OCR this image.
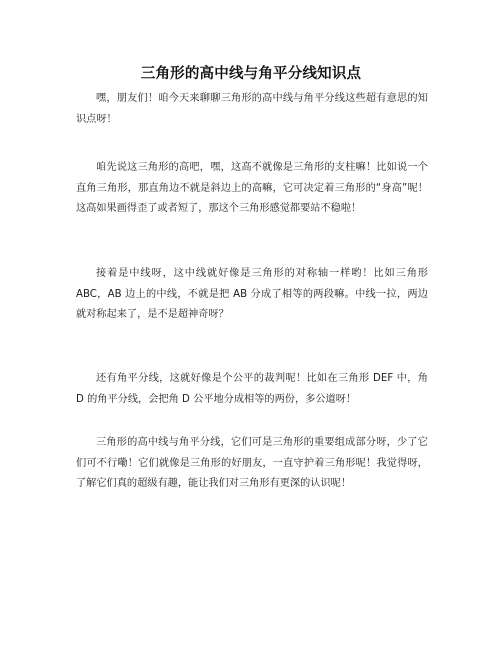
三角形的高中线与角平分线知识点

嘿，朋友们！咱今天来聊聊三角形的高中线与角平分线这些超有意思的知识点呀！

咱先说这三角形的高吧，嘿，这高不就像是三角形的支柱嘛！比如说一个直角三角形，那直角边不就是斜边上的高嘛，它可决定着三角形的“身高”呢！这高如果画得歪了或者短了，那这个三角形感觉都要站不稳啦！

接着是中线呀，这中线就好像是三角形的对称轴一样哟！比如三角形 ABC，AB 边上的中线，不就是把 AB 分成了相等的两段嘛。中线一拉，两边就对称起来了，是不是超神奇呀？

还有角平分线，这就好像是个公平的裁判呢！比如在三角形 DEF 中，角 D 的角平分线，会把角 D 公平地分成相等的两份，多公道呀！

三角形的高中线与角平分线，它们可是三角形的重要组成部分呀，少了它们可不行嘞！它们就像是三角形的好朋友，一直守护着三角形呢！我觉得呀，了解它们真的超级有趣，能让我们对三角形有更深的认识呢！
